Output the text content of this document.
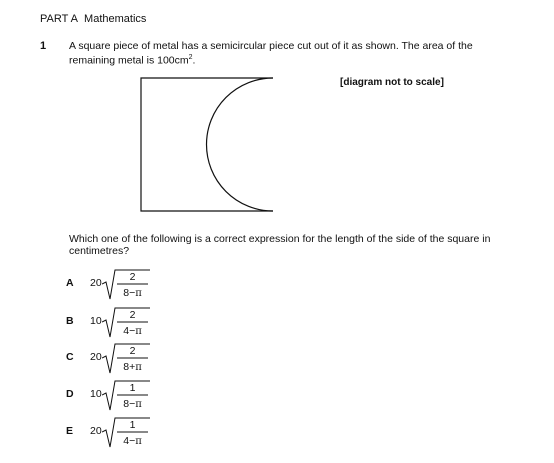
PART A Mathematics
1 A square piece of metal has a semicircular piece cut out of it as shown. The area of the remaining metal is $100cm^2$.
[diagram not to scale]
Which one of the following is a correct expression for the length of the side of the square in centimetres?
A	20	2
8−π
B	10	2
4−π
C	20	2
8+π
D	10	1
8−π
E	20	1
4−π
